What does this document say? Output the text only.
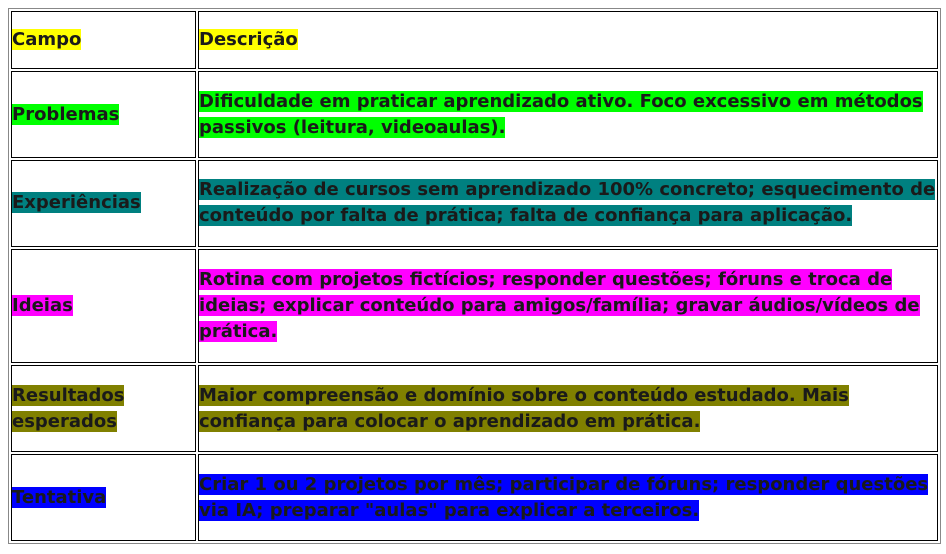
Campo	Descrição
Problemas	Dificuldade em praticar aprendizado ativo. Foco excessivo em métodos passivos (leitura, videoaulas).
Experiências	Realização de cursos sem aprendizado 100% concreto; esquecimento de conteúdo por falta de prática; falta de confiança para aplicação.
Ideias	Rotina com projetos fictícios; responder questões; fóruns e troca de ideias; explicar conteúdo para amigos/família; gravar áudios/vídeos de prática.
Resultados esperados	Maior compreensão e domínio sobre o conteúdo estudado. Mais confiança para colocar o aprendizado em prática.
Tentativa	Criar 1 ou 2 projetos por mês; participar de fóruns; responder questões via IA; preparar "aulas" para explicar a terceiros.
